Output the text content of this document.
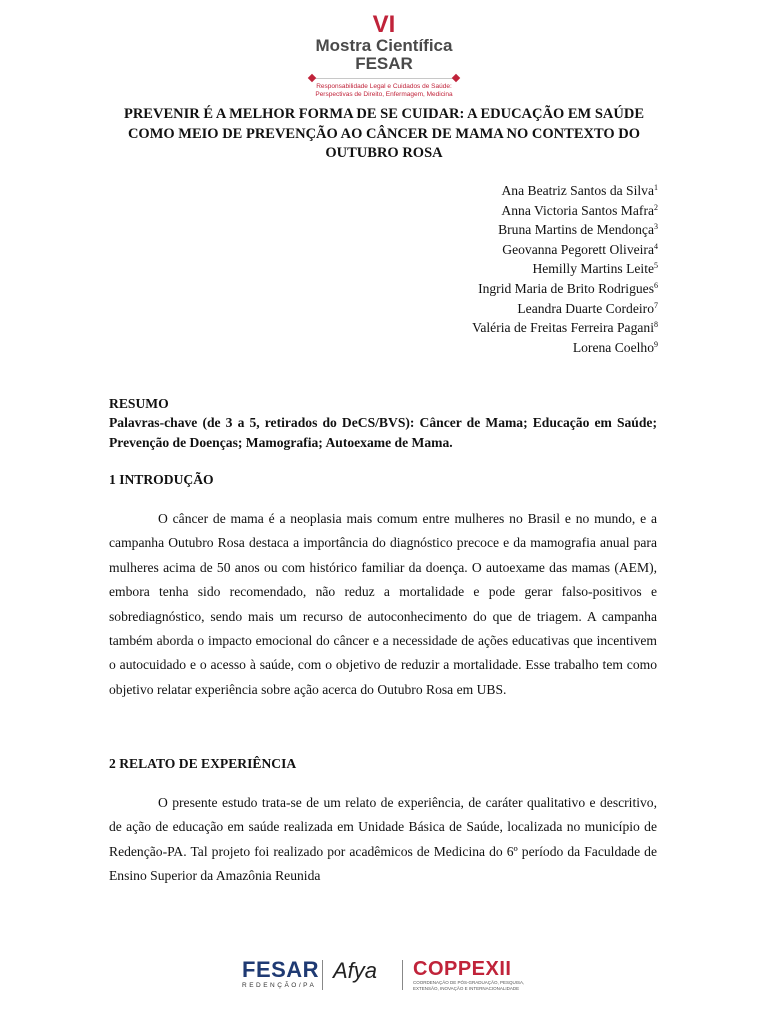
VI
Mostra Científica
FESAR
Responsabilidade Legal e Cuidados de Saúde:
Perspectivas de Direito, Enfermagem, Medicina
PREVENIR É A MELHOR FORMA DE SE CUIDAR: A EDUCAÇÃO EM SAÚDE COMO MEIO DE PREVENÇÃO AO CÂNCER DE MAMA NO CONTEXTO DO OUTUBRO ROSA
Ana Beatriz Santos da Silva$^1$
Anna Victoria Santos Mafra$^2$
Bruna Martins de Mendonça$^3$
Geovanna Pegorett Oliveira$^4$
Hemilly Martins Leite$^5$
Ingrid Maria de Brito Rodrigues$^6$
Leandra Duarte Cordeiro$^7$
Valéria de Freitas Ferreira Pagani$^8$
Lorena Coelho$^9$
RESUMO
Palavras-chave (de 3 a 5, retirados do DeCS/BVS): Câncer de Mama; Educação em Saúde; Prevenção de Doenças; Mamografia; Autoexame de Mama.
1 INTRODUÇÃO

O câncer de mama é a neoplasia mais comum entre mulheres no Brasil e no mundo, e a campanha Outubro Rosa destaca a importância do diagnóstico precoce e da mamografia anual para mulheres acima de 50 anos ou com histórico familiar da doença. O autoexame das mamas (AEM), embora tenha sido recomendado, não reduz a mortalidade e pode gerar falso-positivos e sobrediagnóstico, sendo mais um recurso de autoconhecimento do que de triagem. A campanha também aborda o impacto emocional do câncer e a necessidade de ações educativas que incentivem o autocuidado e o acesso à saúde, com o objetivo de reduzir a mortalidade. Esse trabalho tem como objetivo relatar experiência sobre ação acerca do Outubro Rosa em UBS.

2 RELATO DE EXPERIÊNCIA

O presente estudo trata-se de um relato de experiência, de caráter qualitativo e descritivo, de ação de educação em saúde realizada em Unidade Básica de Saúde, localizada no município de Redenção-PA. Tal projeto foi realizado por acadêmicos de Medicina do 6º período da Faculdade de Ensino Superior da Amazônia Reunida

FESAR
REDENÇÃO/PA
Afya COPPEXII
COORDENAÇÃO DE PÓS-GRADUAÇÃO, PESQUISA,
EXTENSÃO, INOVAÇÃO E INTERNACIONALIDADE
